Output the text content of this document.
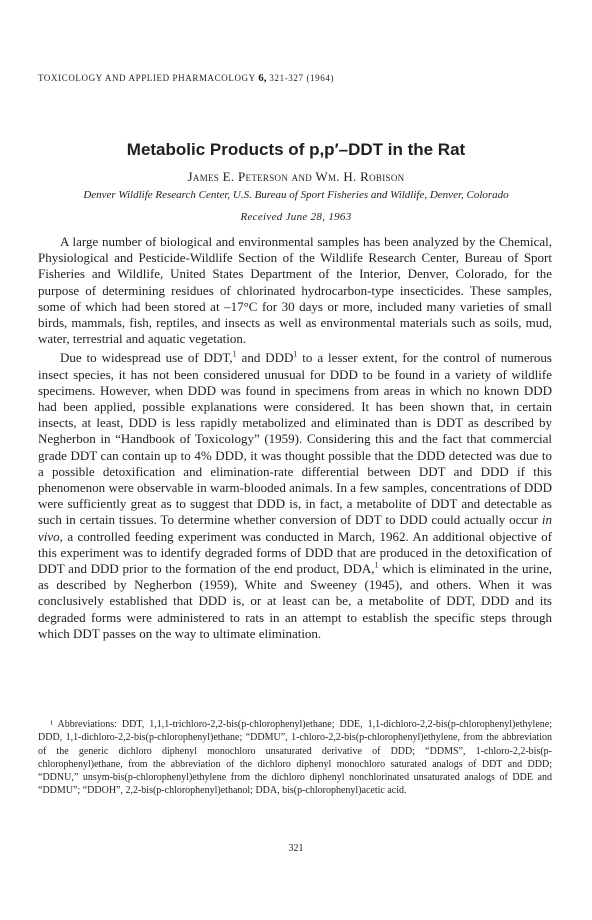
TOXICOLOGY AND APPLIED PHARMACOLOGY 6, 321-327 (1964)
Metabolic Products of p,p′–DDT in the Rat
James E. Peterson and Wm. H. Robison
Denver Wildlife Research Center, U.S. Bureau of Sport Fisheries and Wildlife, Denver, Colorado
Received June 28, 1963

A large number of biological and environmental samples has been analyzed by the Chemical, Physiological and Pesticide-Wildlife Section of the Wildlife Research Center, Bureau of Sport Fisheries and Wildlife, United States Department of the Interior, Denver, Colorado, for the purpose of determining residues of chlorinated hydrocarbon-type insecticides. These samples, some of which had been stored at –17°C for 30 days or more, included many varieties of small birds, mammals, fish, reptiles, and insects as well as environmental materials such as soils, mud, water, terrestrial and aquatic vegetation.

Due to widespread use of DDT,$^1$ and DDD$^1$ to a lesser extent, for the control of numerous insect species, it has not been considered unusual for DDD to be found in a variety of wildlife specimens. However, when DDD was found in specimens from areas in which no known DDD had been applied, possible explanations were considered. It has been shown that, in certain insects, at least, DDD is less rapidly metabolized and eliminated than is DDT as described by Negherbon in “Handbook of Toxicology” (1959). Considering this and the fact that commercial grade DDT can contain up to 4% DDD, it was thought possible that the DDD detected was due to a possible detoxification and elimination-rate differential between DDT and DDD if this phenomenon were observable in warm-blooded animals. In a few samples, concentrations of DDD were sufficiently great as to suggest that DDD is, in fact, a metabolite of DDT and detectable as such in certain tissues. To determine whether conversion of DDT to DDD could actually occur in vivo, a controlled feeding experiment was conducted in March, 1962. An additional objective of this experiment was to identify degraded forms of DDD that are produced in the detoxification of DDT and DDD prior to the formation of the end product, DDA,$^1$ which is eliminated in the urine, as described by Negherbon (1959), White and Sweeney (1945), and others. When it was conclusively established that DDD is, or at least can be, a metabolite of DDT, DDD and its degraded forms were administered to rats in an attempt to establish the specific steps through which DDT passes on the way to ultimate elimination.

¹ Abbreviations: DDT, 1,1,1-trichloro-2,2-bis(p-chlorophenyl)ethane; DDE, 1,1-dichloro-2,2-bis(p-chlorophenyl)ethylene; DDD, 1,1-dichloro-2,2-bis(p-chlorophenyl)ethane; “DDMU”, 1-chloro-2,2-bis(p-chlorophenyl)ethylene, from the abbreviation of the generic dichloro diphenyl monochloro unsaturated derivative of DDD; “DDMS”, 1-chloro-2,2-bis(p-chlorophenyl)ethane, from the abbreviation of the dichloro diphenyl monochloro saturated analogs of DDT and DDD; “DDNU,” unsym-bis(p-chlorophenyl)ethylene from the dichloro diphenyl nonchlorinated unsaturated analogs of DDE and “DDMU”; “DDOH”, 2,2-bis(p-chlorophenyl)ethanol; DDA, bis(p-chlorophenyl)acetic acid.

321
